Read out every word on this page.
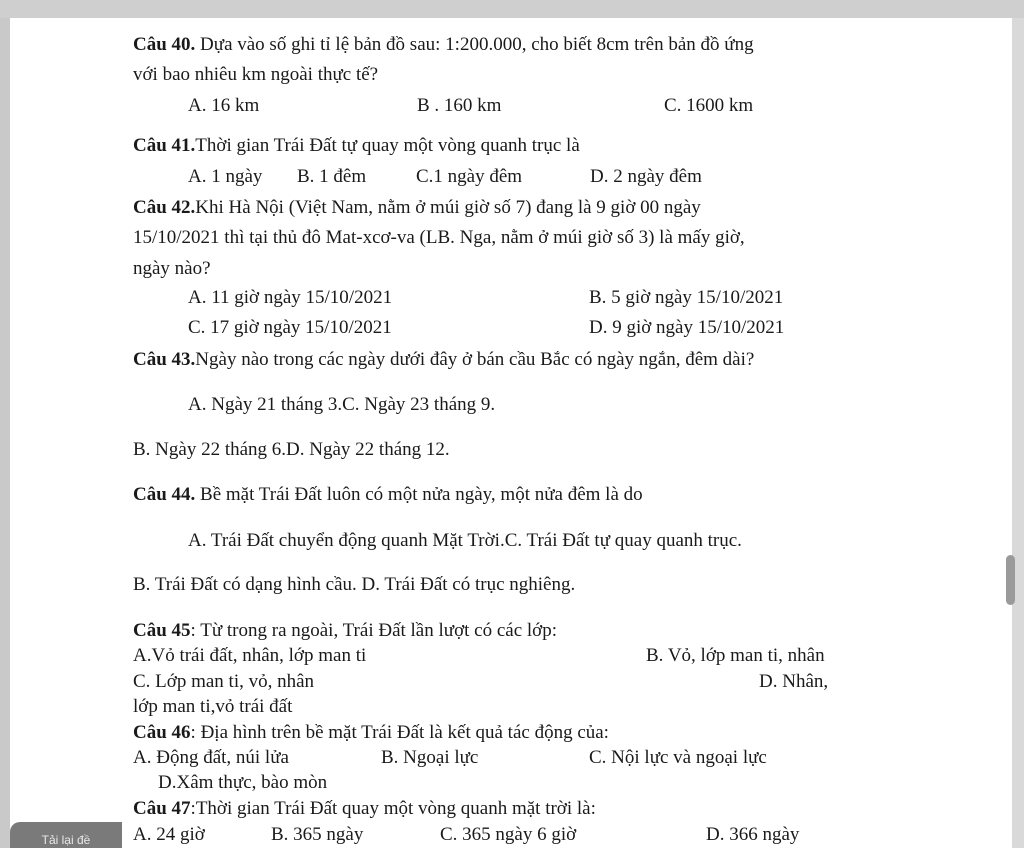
Câu 40. Dựa vào số ghi tỉ lệ bản đồ sau: 1:200.000, cho biết 8cm trên bản đồ ứng
với bao nhiêu km ngoài thực tế?
A. 16 km	B . 160 km	C. 1600 km
Câu 41.Thời gian Trái Đất tự quay một vòng quanh trục là
A. 1 ngày B. 1 đêm	C.1 ngày đêm	D. 2 ngày đêm
Câu 42.Khi Hà Nội (Việt Nam, nằm ở múi giờ số 7) đang là 9 giờ 00 ngày
15/10/2021 thì tại thủ đô Mat-xcơ-va (LB. Nga, nằm ở múi giờ số 3) là mấy giờ,
ngày nào?
A. 11 giờ ngày 15/10/2021	B. 5 giờ ngày 15/10/2021
C. 17 giờ ngày 15/10/2021	D. 9 giờ ngày 15/10/2021
Câu 43.Ngày nào trong các ngày dưới đây ở bán cầu Bắc có ngày ngắn, đêm dài?
A. Ngày 21 tháng 3.C. Ngày 23 tháng 9.
B. Ngày 22 tháng 6.D. Ngày 22 tháng 12.
Câu 44. Bề mặt Trái Đất luôn có một nửa ngày, một nửa đêm là do
A. Trái Đất chuyển động quanh Mặt Trời.C. Trái Đất tự quay quanh trục.
B. Trái Đất có dạng hình cầu. D. Trái Đất có trục nghiêng.
Câu 45: Từ trong ra ngoài, Trái Đất lần lượt có các lớp:
A.Vỏ trái đất, nhân, lớp man ti	B. Vỏ, lớp man ti, nhân
C. Lớp man ti, vỏ, nhân	D. Nhân,
lớp man ti,vỏ trái đất
Câu 46: Địa hình trên bề mặt Trái Đất là kết quả tác động của:
A. Động đất, núi lửa	B. Ngoại lực	C. Nội lực và ngoại lực
D.Xâm thực, bào mòn
Câu 47:Thời gian Trái Đất quay một vòng quanh mặt trời là:
A. 24 giờ	B. 365 ngày	C. 365 ngày 6 giờ	D. 366 ngày
Tải lại đề
